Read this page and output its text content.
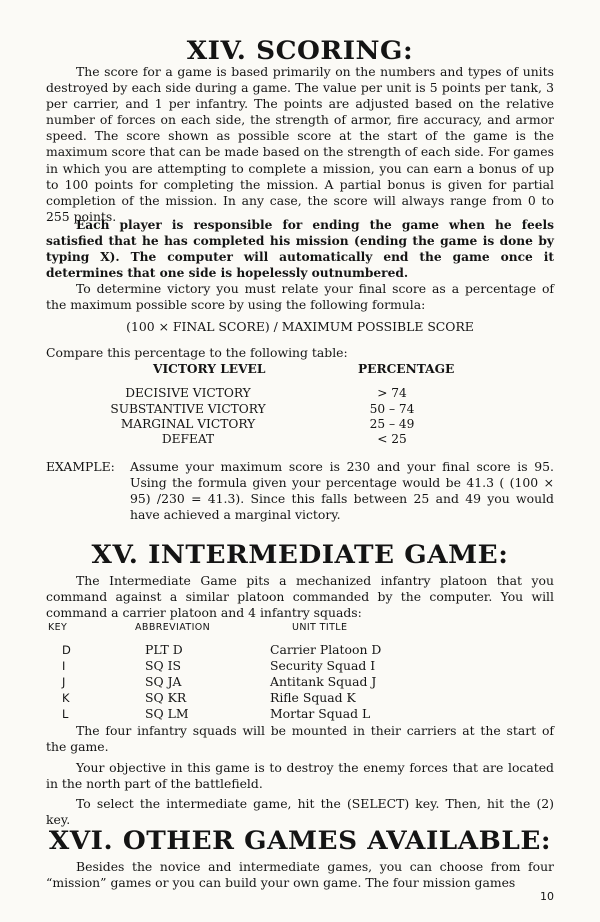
XIV. SCORING:

The score for a game is based primarily on the numbers and types of units destroyed by each side during a game. The value per unit is 5 points per tank, 3 per carrier, and 1 per infantry. The points are adjusted based on the relative number of forces on each side, the strength of armor, fire accuracy, and armor speed. The score shown as possible score at the start of the game is the maximum score that can be made based on the strength of each side. For games in which you are attempting to complete a mission, you can earn a bonus of up to 100 points for completing the mission. A partial bonus is given for partial completion of the mission. In any case, the score will always range from 0 to 255 points.

Each player is responsible for ending the game when he feels satisfied that he has completed his mission (ending the game is done by typing X). The computer will automatically end the game once it determines that one side is hopelessly outnumbered.

To determine victory you must relate your final score as a percentage of the maximum possible score by using the following formula:

(100 × FINAL SCORE) / MAXIMUM POSSIBLE SCORE

Compare this percentage to the following table:

VICTORY LEVEL	PERCENTAGE
DECISIVE VICTORY	> 74
SUBSTANTIVE VICTORY	50 – 74
MARGINAL VICTORY	25 – 49
DEFEAT	< 25
EXAMPLE: Assume your maximum score is 230 and your final score is 95. Using the formula given your percentage would be 41.3 ( (100 × 95) /230 = 41.3). Since this falls between 25 and 49 you would have achieved a marginal victory.

XV. INTERMEDIATE GAME:

The Intermediate Game pits a mechanized infantry platoon that you command against a similar platoon commanded by the computer. You will command a carrier platoon and 4 infantry squads:

KEY	ABBREVIATION	UNIT TITLE
D	PLT D	Carrier Platoon D
I	SQ IS	Security Squad I
J	SQ JA	Antitank Squad J
K	SQ KR	Rifle Squad K
L	SQ LM	Mortar Squad L

The four infantry squads will be mounted in their carriers at the start of the game.

Your objective in this game is to destroy the enemy forces that are located in the north part of the battlefield.

To select the intermediate game, hit the (SELECT) key. Then, hit the (2) key.

XVI. OTHER GAMES AVAILABLE:

Besides the novice and intermediate games, you can choose from four “mission” games or you can build your own game. The four mission games

10
